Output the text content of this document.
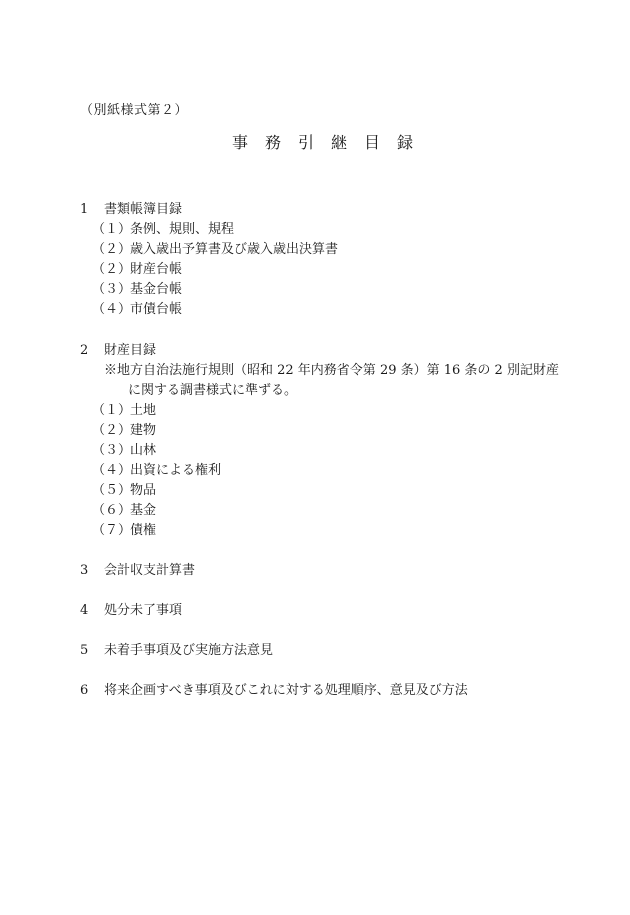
（別紙様式第２）
事務引継目録
1	書類帳簿目録
（１）条例、規則、規程
（２）歳入歳出予算書及び歳入歳出決算書
（２）財産台帳
（３）基金台帳
（４）市債台帳
2	財産目録
※地方自治法施行規則（昭和 22 年内務省令第 29 条）第 16 条の 2 別記財産
に関する調書様式に準ずる。
（１）土地
（２）建物
（３）山林
（４）出資による権利
（５）物品
（６）基金
（７）債権
3	会計収支計算書
4	処分未了事項
5	未着手事項及び実施方法意見
6	将来企画すべき事項及びこれに対する処理順序、意見及び方法
